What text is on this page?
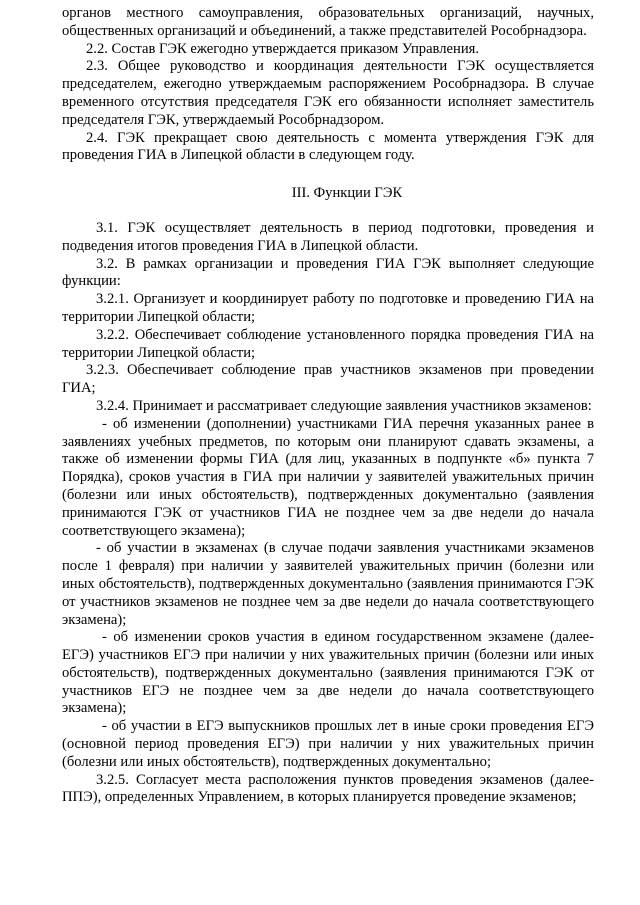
органов местного самоуправления, образовательных организаций, научных, общественных организаций и объединений, а также представителей Рособрнадзора.

2.2. Состав ГЭК ежегодно утверждается приказом Управления.

2.3. Общее руководство и координация деятельности ГЭК осуществляется председателем, ежегодно утверждаемым распоряжением Рособрнадзора. В случае временного отсутствия председателя ГЭК его обязанности исполняет заместитель председателя ГЭК, утверждаемый Рособрнадзором.

2.4. ГЭК прекращает свою деятельность с момента утверждения ГЭК для проведения ГИА в Липецкой области в следующем году.

III. Функции ГЭК

3.1. ГЭК осуществляет деятельность в период подготовки, проведения и подведения итогов проведения ГИА в Липецкой области.

3.2. В рамках организации и проведения ГИА ГЭК выполняет следующие функции:

3.2.1. Организует и координирует работу по подготовке и проведению ГИА на территории Липецкой области;

3.2.2. Обеспечивает соблюдение установленного порядка проведения ГИА на территории Липецкой области;

3.2.3. Обеспечивает соблюдение прав участников экзаменов при проведении ГИА;

3.2.4. Принимает и рассматривает следующие заявления участников экзаменов:

- об изменении (дополнении) участниками ГИА перечня указанных ранее в заявлениях учебных предметов, по которым они планируют сдавать экзамены, а также об изменении формы ГИА (для лиц, указанных в подпункте «б» пункта 7 Порядка), сроков участия в ГИА при наличии у заявителей уважительных причин (болезни или иных обстоятельств), подтвержденных документально (заявления принимаются ГЭК от участников ГИА не позднее чем за две недели до начала соответствующего экзамена);

- об участии в экзаменах (в случае подачи заявления участниками экзаменов после 1 февраля) при наличии у заявителей уважительных причин (болезни или иных обстоятельств), подтвержденных документально (заявления принимаются ГЭК от участников экзаменов не позднее чем за две недели до начала соответствующего экзамена);

- об изменении сроков участия в едином государственном экзамене (далее-ЕГЭ) участников ЕГЭ при наличии у них уважительных причин (болезни или иных обстоятельств), подтвержденных документально (заявления принимаются ГЭК от участников ЕГЭ не позднее чем за две недели до начала соответствующего экзамена);

- об участии в ЕГЭ выпускников прошлых лет в иные сроки проведения ЕГЭ (основной период проведения ЕГЭ) при наличии у них уважительных причин (болезни или иных обстоятельств), подтвержденных документально;

3.2.5. Согласует места расположения пунктов проведения экзаменов (далее-ППЭ), определенных Управлением, в которых планируется проведение экзаменов;
